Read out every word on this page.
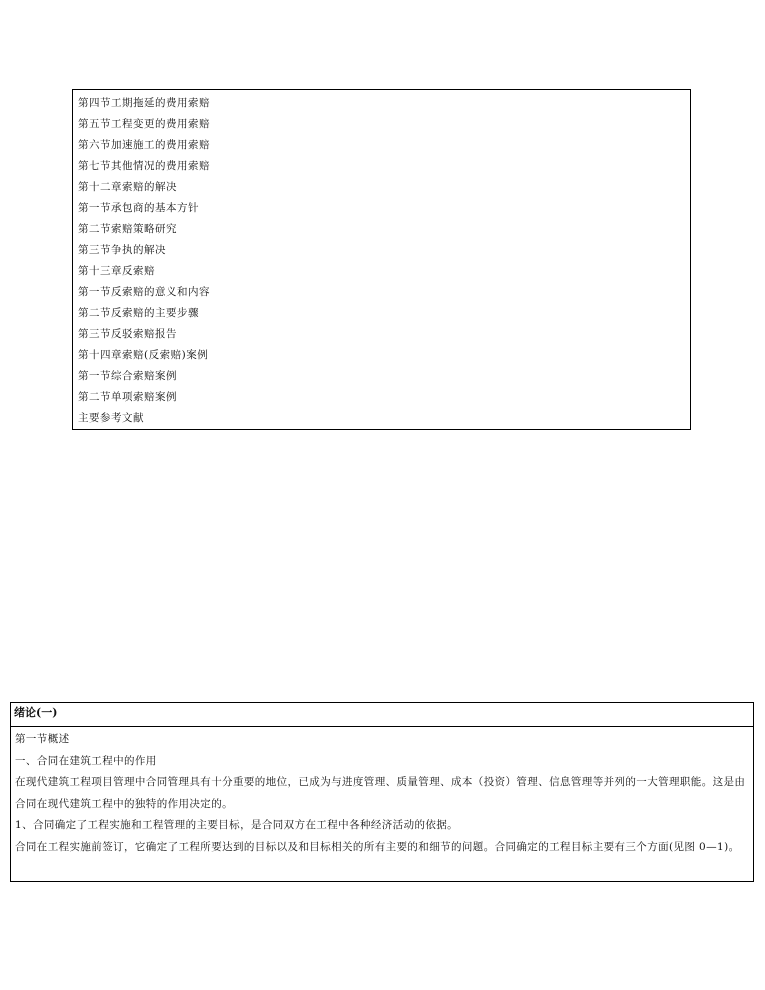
第四节工期拖延的费用索赔
第五节工程变更的费用索赔
第六节加速施工的费用索赔
第七节其他情况的费用索赔
第十二章索赔的解决
第一节承包商的基本方针
第二节索赔策略研究
第三节争执的解决
第十三章反索赔
第一节反索赔的意义和内容
第二节反索赔的主要步骤
第三节反驳索赔报告
第十四章索赔(反索赔)案例
第一节综合索赔案例
第二节单项索赔案例
主要参考文献
绪论(一)
第一节概述
一、合同在建筑工程中的作用
在现代建筑工程项目管理中合同管理具有十分重要的地位，已成为与进度管理、质量管理、成本（投资）管理、信息管理等并列的一大管理职能。这是由合同在现代建筑工程中的独特的作用决定的。
1、合同确定了工程实施和工程管理的主要目标，是合同双方在工程中各种经济活动的依据。
合同在工程实施前签订，它确定了工程所要达到的目标以及和目标相关的所有主要的和细节的问题。合同确定的工程目标主要有三个方面(见图 0—1)。
